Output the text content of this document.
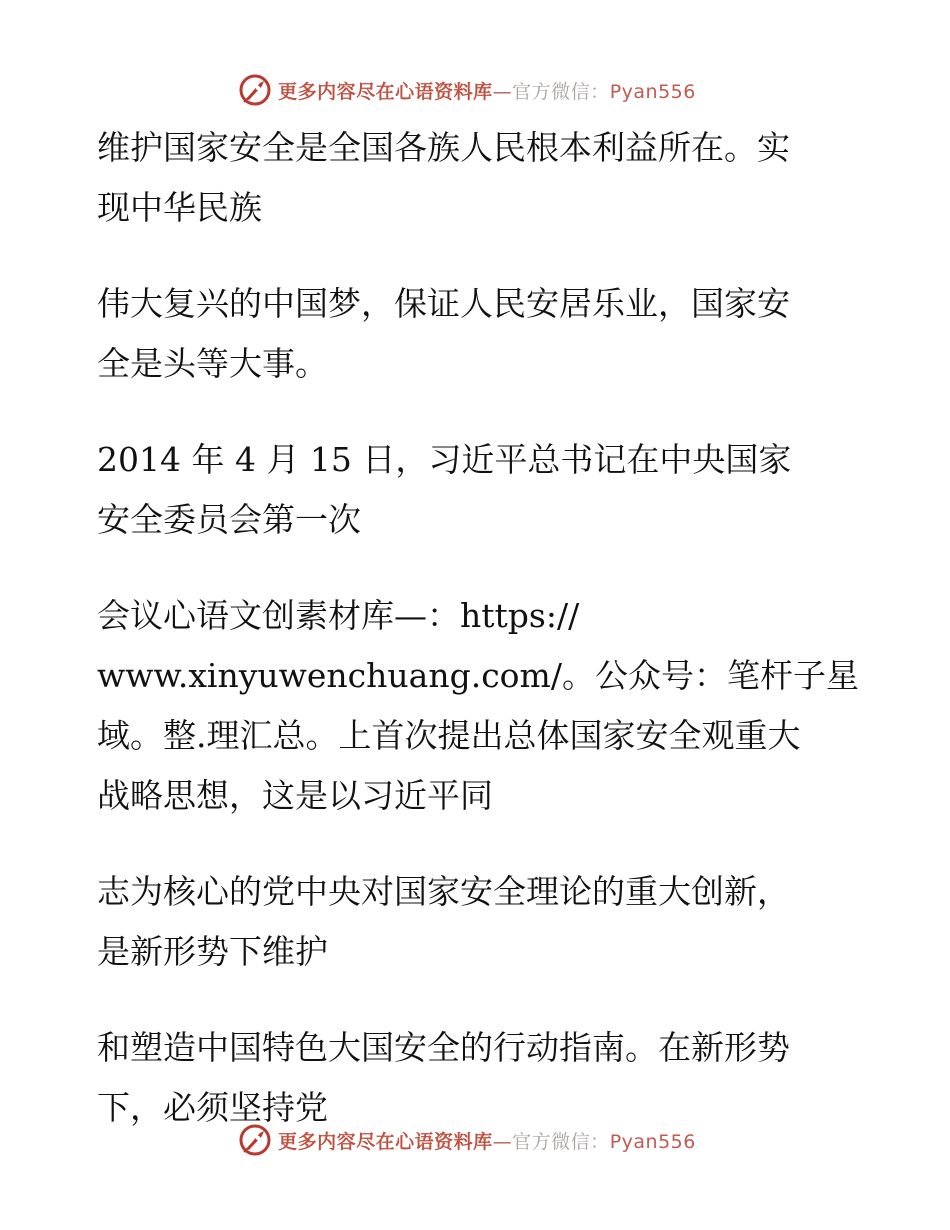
更多内容尽在心语资料库—官方微信：Pyan556
维护国家安全是全国各族人民根本利益所在。实
现中华民族
伟大复兴的中国梦，保证人民安居乐业，国家安
全是头等大事。
2014 年 4 月 15 日，习近平总书记在中央国家
安全委员会第一次
会议心语文创素材库—：https://
www.xinyuwenchuang.com/。公众号：笔杆子星
域。整.理汇总。上首次提出总体国家安全观重大
战略思想，这是以习近平同
志为核心的党中央对国家安全理论的重大创新，
是新形势下维护
和塑造中国特色大国安全的行动指南。在新形势
下，必须坚持党
更多内容尽在心语资料库—官方微信：Pyan556
